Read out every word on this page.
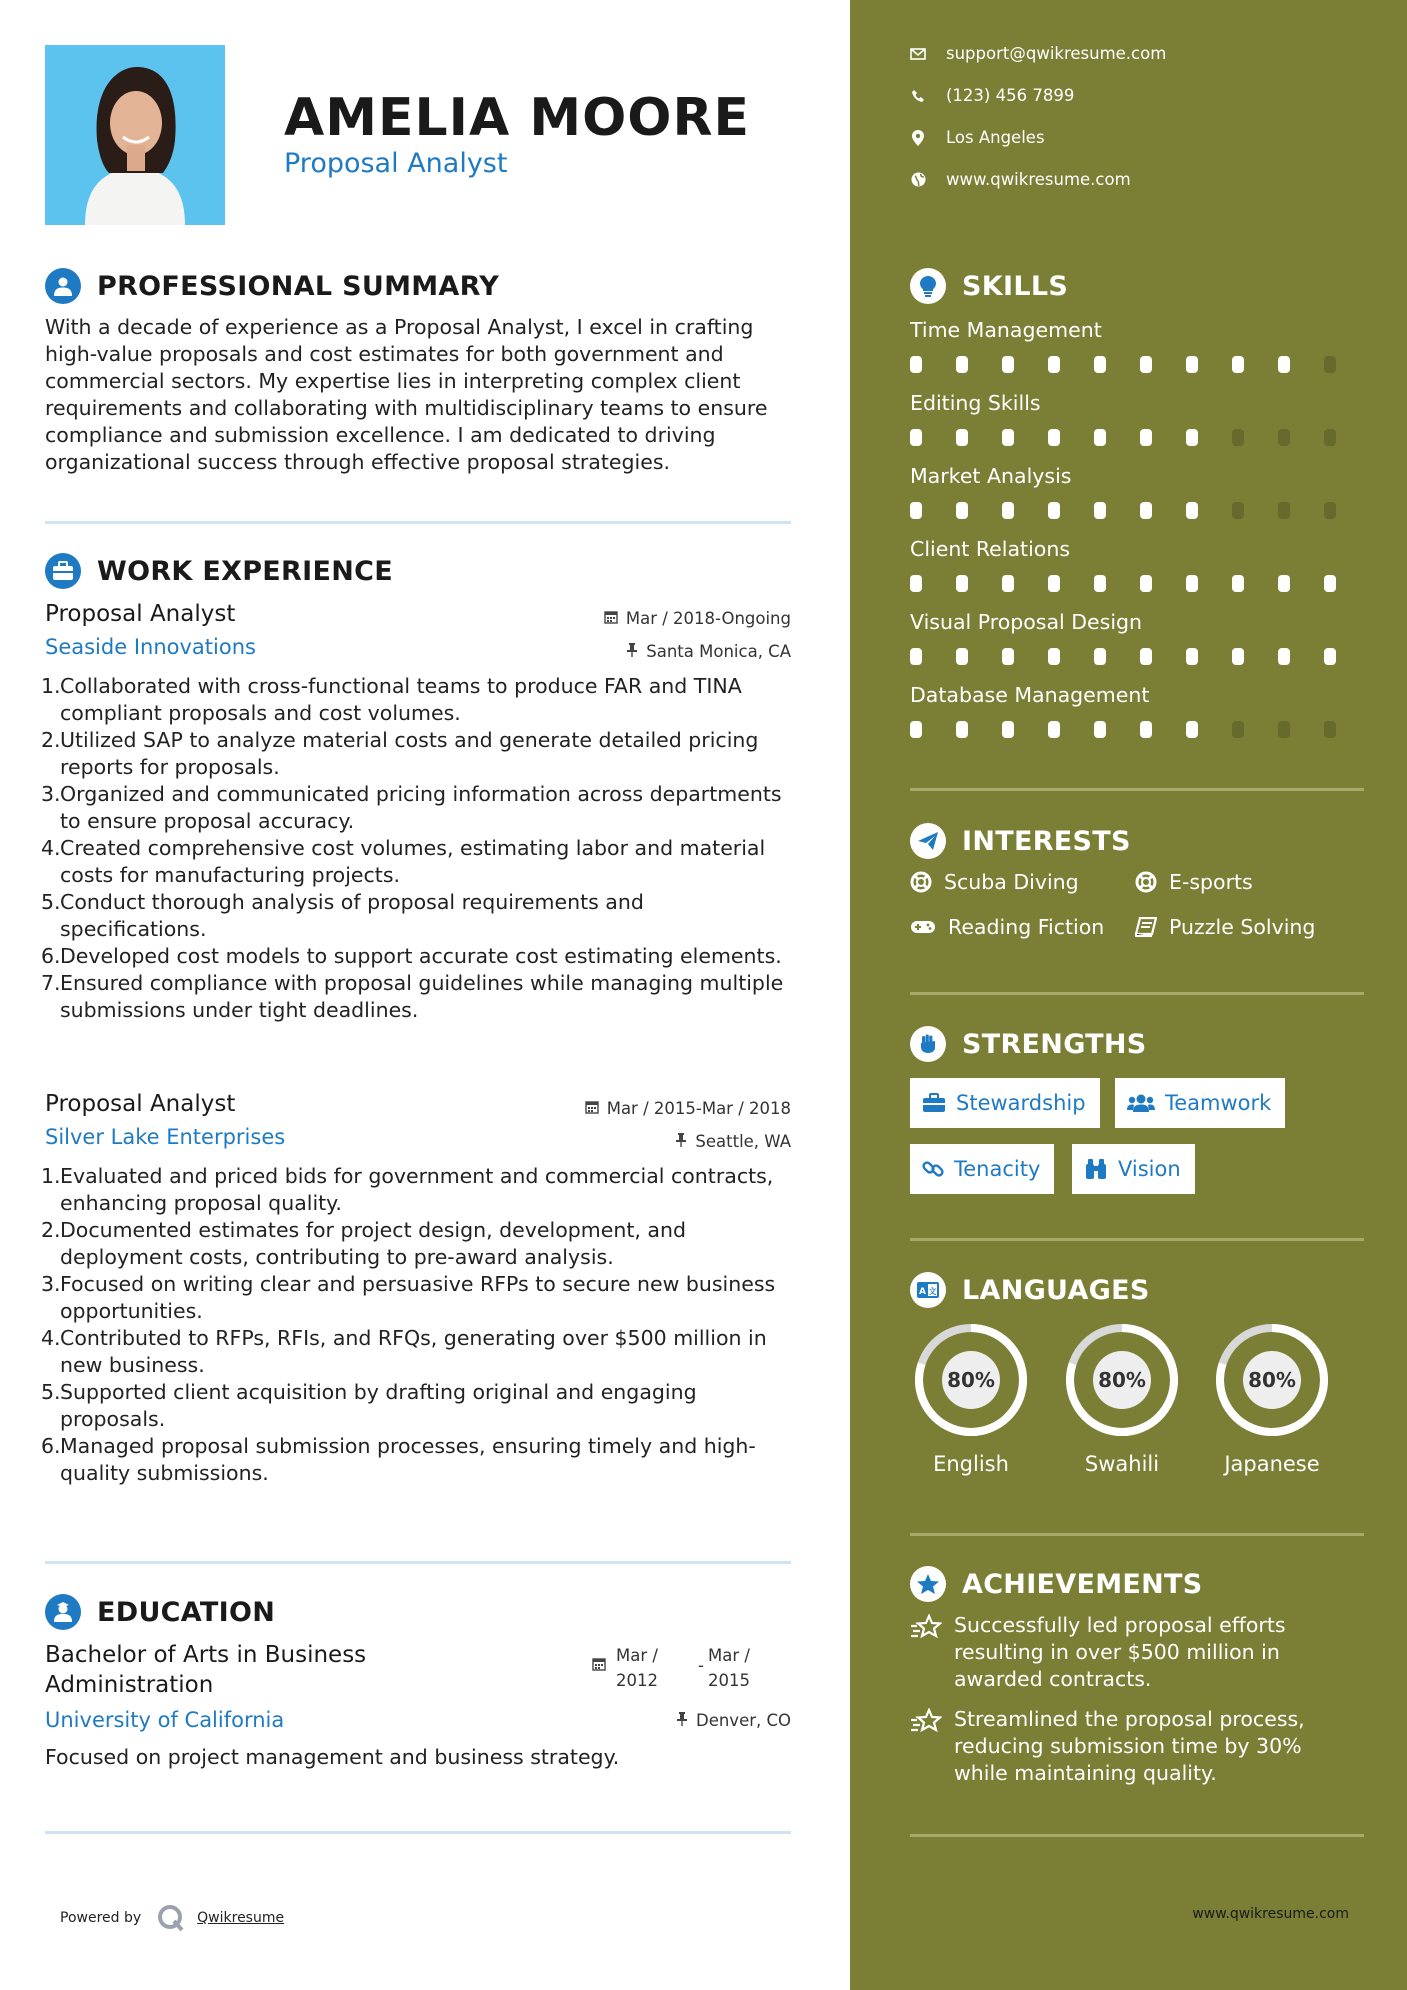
AMELIA MOORE
Proposal Analyst
PROFESSIONAL SUMMARY
With a decade of experience as a Proposal Analyst, I excel in crafting high-value proposals and cost estimates for both government and commercial sectors. My expertise lies in interpreting complex client requirements and collaborating with multidisciplinary teams to ensure compliance and submission excellence. I am dedicated to driving organizational success through effective proposal strategies.
WORK EXPERIENCE
Proposal Analyst
Seaside Innovations
Mar / 2018-Ongoing
Santa Monica, CA
1. Collaborated with cross-functional teams to produce FAR and TINA compliant proposals and cost volumes.
2. Utilized SAP to analyze material costs and generate detailed pricing reports for proposals.
3. Organized and communicated pricing information across departments to ensure proposal accuracy.
4. Created comprehensive cost volumes, estimating labor and material costs for manufacturing projects.
5. Conduct thorough analysis of proposal requirements and specifications.
6. Developed cost models to support accurate cost estimating elements.
7. Ensured compliance with proposal guidelines while managing multiple submissions under tight deadlines.
Proposal Analyst
Silver Lake Enterprises
Mar / 2015-Mar / 2018
Seattle, WA
1. Evaluated and priced bids for government and commercial contracts, enhancing proposal quality.
2. Documented estimates for project design, development, and deployment costs, contributing to pre-award analysis.
3. Focused on writing clear and persuasive RFPs to secure new business opportunities.
4. Contributed to RFPs, RFIs, and RFQs, generating over $500 million in new business.
5. Supported client acquisition by drafting original and engaging proposals.
6. Managed proposal submission processes, ensuring timely and high-quality submissions.
EDUCATION
Bachelor of Arts in Business
Administration
Mar /
2012
-
Mar /
2015
University of California	Denver, CO
Focused on project management and business strategy.
Powered by	Qwikresume
support@qwikresume.com
(123) 456 7899
Los Angeles
www.qwikresume.com
SKILLS
Time Management
Editing Skills
Market Analysis
Client Relations
Visual Proposal Design
Database Management
INTERESTS
Scuba Diving	E-sports
Reading Fiction	Puzzle Solving
STRENGTHS
Stewardship	Teamwork
Tenacity	Vision
A 文 LANGUAGES
80%
English
80%
Swahili
80%
Japanese
ACHIEVEMENTS
Successfully led proposal efforts resulting in over $500 million in awarded contracts.
Streamlined the proposal process, reducing submission time by 30% while maintaining quality.
www.qwikresume.com
